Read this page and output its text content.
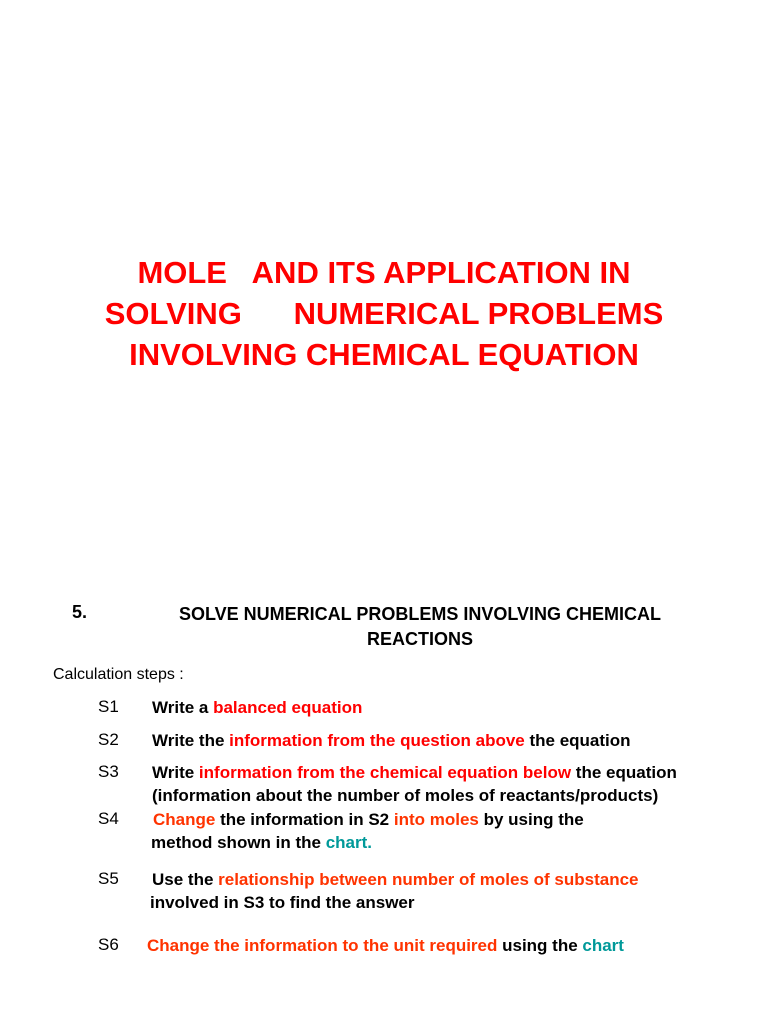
MOLE   AND ITS APPLICATION IN
SOLVING      NUMERICAL PROBLEMS
INVOLVING CHEMICAL EQUATION
5.	SOLVE NUMERICAL PROBLEMS INVOLVING CHEMICAL
REACTIONS
Calculation steps :
S1 Write a balanced equation
S2 Write the information from the question above the equation
S3 Write information from the chemical equation below the equation
(information about the number of moles of reactants/products)
S4 Change the information in S2 into moles by using the
method shown in the chart.
S5 Use the relationship between number of moles of substance
involved in S3 to find the answer
S6 Change the information to the unit required using the chart
